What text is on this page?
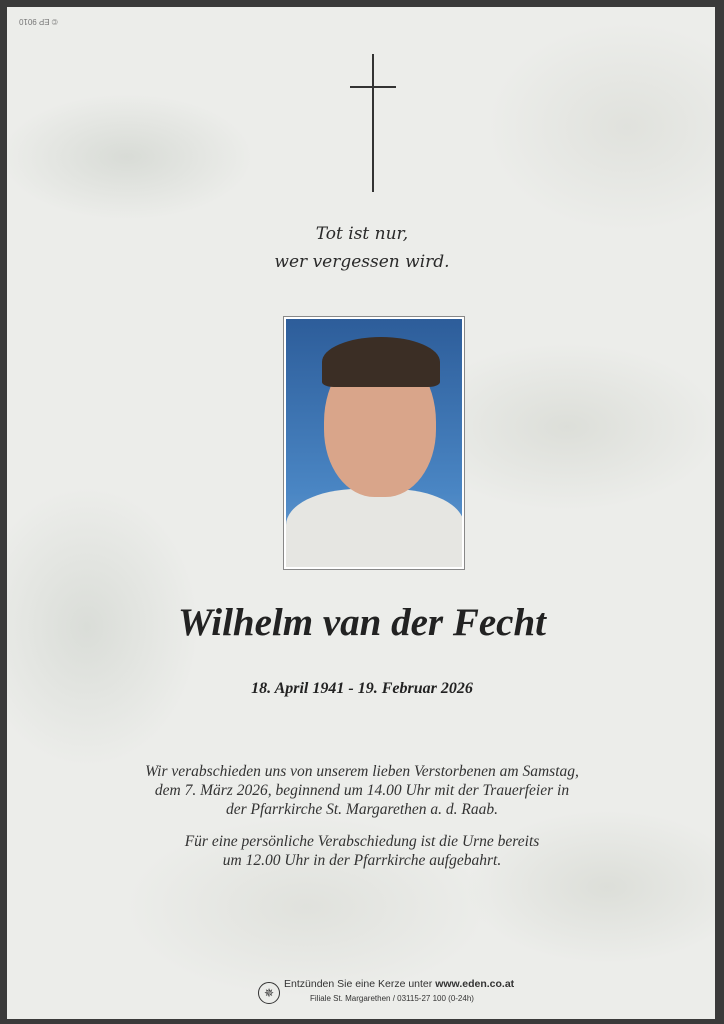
© EP 9010
Tot ist nur,
wer vergessen wird.
Wilhelm van der Fecht
18. April 1941 - 19. Februar 2026
Wir verabschieden uns von unserem lieben Verstorbenen am Samstag,
dem 7. März 2026, beginnend um 14.00 Uhr mit der Trauerfeier in
der Pfarrkirche St. Margarethen a. d. Raab.
Für eine persönliche Verabschiedung ist die Urne bereits
um 12.00 Uhr in der Pfarrkirche aufgebahrt.
✵
Entzünden Sie eine Kerze unter www.eden.co.at
Filiale St. Margarethen / 03115-27 100 (0-24h)
